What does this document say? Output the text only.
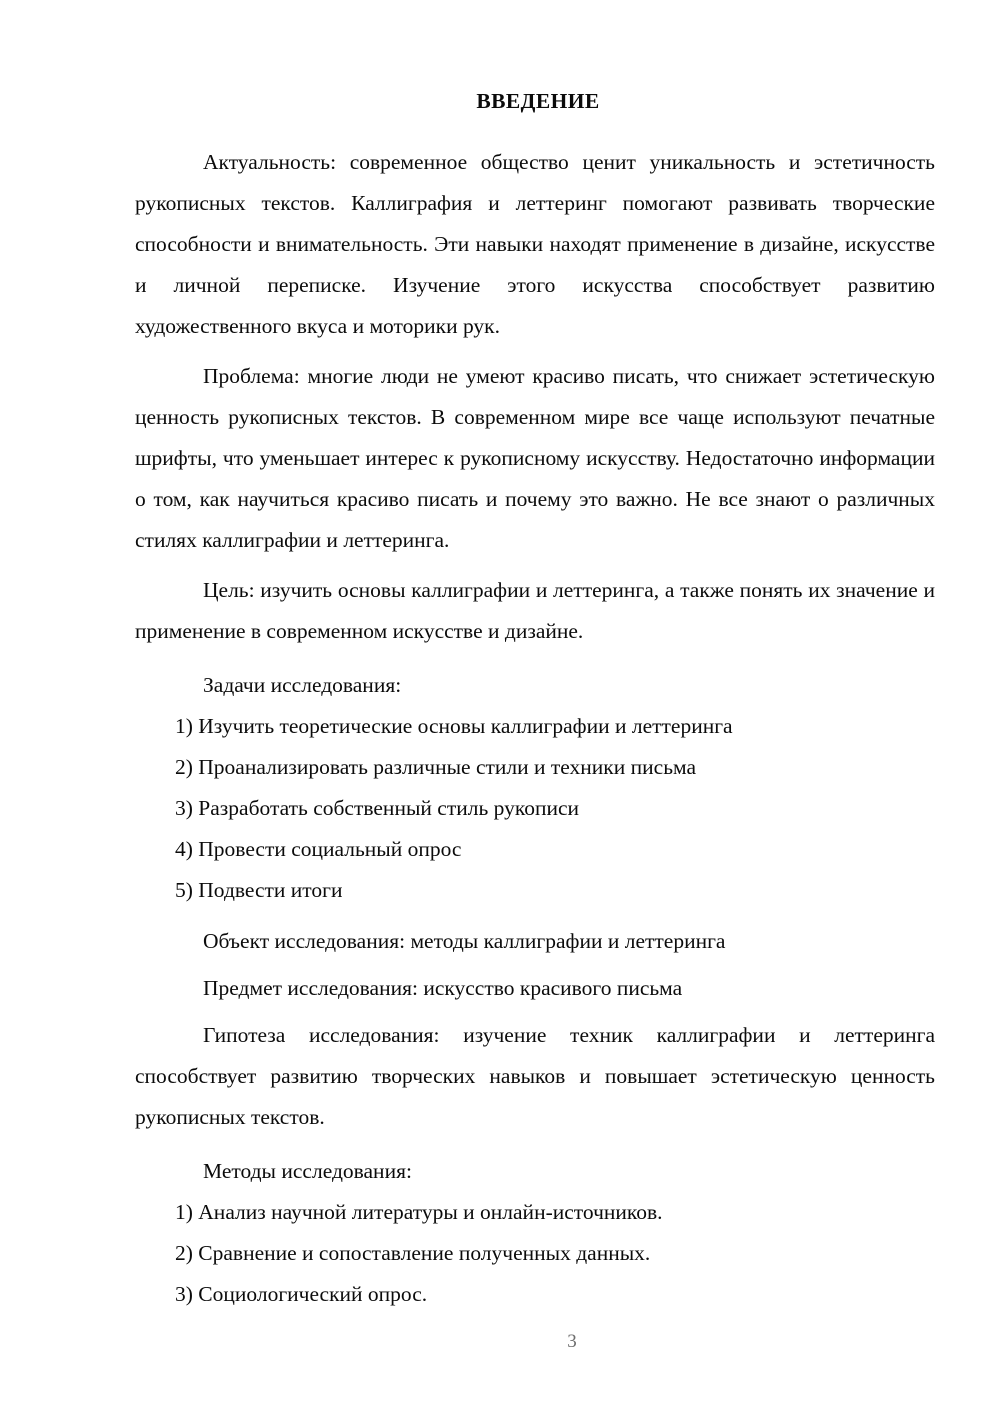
ВВЕДЕНИЕ

Актуальность: современное общество ценит уникальность и эстетичность рукописных текстов. Каллиграфия и леттеринг помогают развивать творческие способности и внимательность. Эти навыки находят применение в дизайне, искусстве и личной переписке. Изучение этого искусства способствует развитию художественного вкуса и моторики рук.

Проблема: многие люди не умеют красиво писать, что снижает эстетическую ценность рукописных текстов. В современном мире все чаще используют печатные шрифты, что уменьшает интерес к рукописному искусству. Недостаточно информации о том, как научиться красиво писать и почему это важно. Не все знают о различных стилях каллиграфии и леттеринга.

Цель: изучить основы каллиграфии и леттеринга, а также понять их значение и применение в современном искусстве и дизайне.

Задачи исследования:

1) Изучить теоретические основы каллиграфии и леттеринга
2) Проанализировать различные стили и техники письма
3) Разработать собственный стиль рукописи
4) Провести социальный опрос
5) Подвести итоги

Объект исследования: методы каллиграфии и леттеринга

Предмет исследования: искусство красивого письма

Гипотеза исследования: изучение техник каллиграфии и леттеринга способствует развитию творческих навыков и повышает эстетическую ценность рукописных текстов.

Методы исследования:

1) Анализ научной литературы и онлайн-источников.
2) Сравнение и сопоставление полученных данных.
3) Социологический опрос.
3
